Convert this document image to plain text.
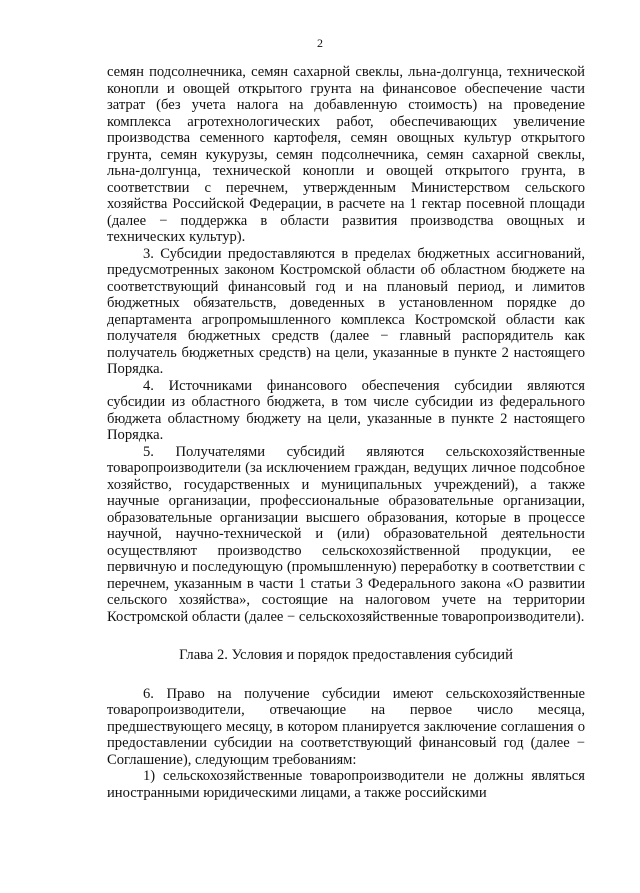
2

семян подсолнечника, семян сахарной свеклы, льна-долгунца, технической конопли и овощей открытого грунта на финансовое обеспечение части затрат (без учета налога на добавленную стоимость) на проведение комплекса агротехнологических работ, обеспечивающих увеличение производства семенного картофеля, семян овощных культур открытого грунта, семян кукурузы, семян подсолнечника, семян сахарной свеклы, льна-долгунца, технической конопли и овощей открытого грунта, в соответствии с перечнем, утвержденным Министерством сельского хозяйства Российской Федерации, в расчете на 1 гектар посевной площади (далее − поддержка в области развития производства овощных и технических культур).

3. Субсидии предоставляются в пределах бюджетных ассигнований, предусмотренных законом Костромской области об областном бюджете на соответствующий финансовый год и на плановый период, и лимитов бюджетных обязательств, доведенных в установленном порядке до департамента агропромышленного комплекса Костромской области как получателя бюджетных средств (далее − главный распорядитель как получатель бюджетных средств) на цели, указанные в пункте 2 настоящего Порядка.

4. Источниками финансового обеспечения субсидии являются субсидии из областного бюджета, в том числе субсидии из федерального бюджета областному бюджету на цели, указанные в пункте 2 настоящего Порядка.

5. Получателями субсидий являются сельскохозяйственные товаропроизводители (за исключением граждан, ведущих личное подсобное хозяйство, государственных и муниципальных учреждений), а также научные организации, профессиональные образовательные организации, образовательные организации высшего образования, которые в процессе научной, научно-технической и (или) образовательной деятельности осуществляют производство сельскохозяйственной продукции, ее первичную и последующую (промышленную) переработку в соответствии с перечнем, указанным в части 1 статьи 3 Федерального закона «О развитии сельского хозяйства», состоящие на налоговом учете на территории Костромской области (далее − сельскохозяйственные товаропроизводители).

Глава 2. Условия и порядок предоставления субсидий

6. Право на получение субсидии имеют сельскохозяйственные товаропроизводители, отвечающие на первое число месяца, предшествующего месяцу, в котором планируется заключение соглашения о предоставлении субсидии на соответствующий финансовый год (далее − Соглашение), следующим требованиям:

1) сельскохозяйственные товаропроизводители не должны являться иностранными юридическими лицами, а также российскими
